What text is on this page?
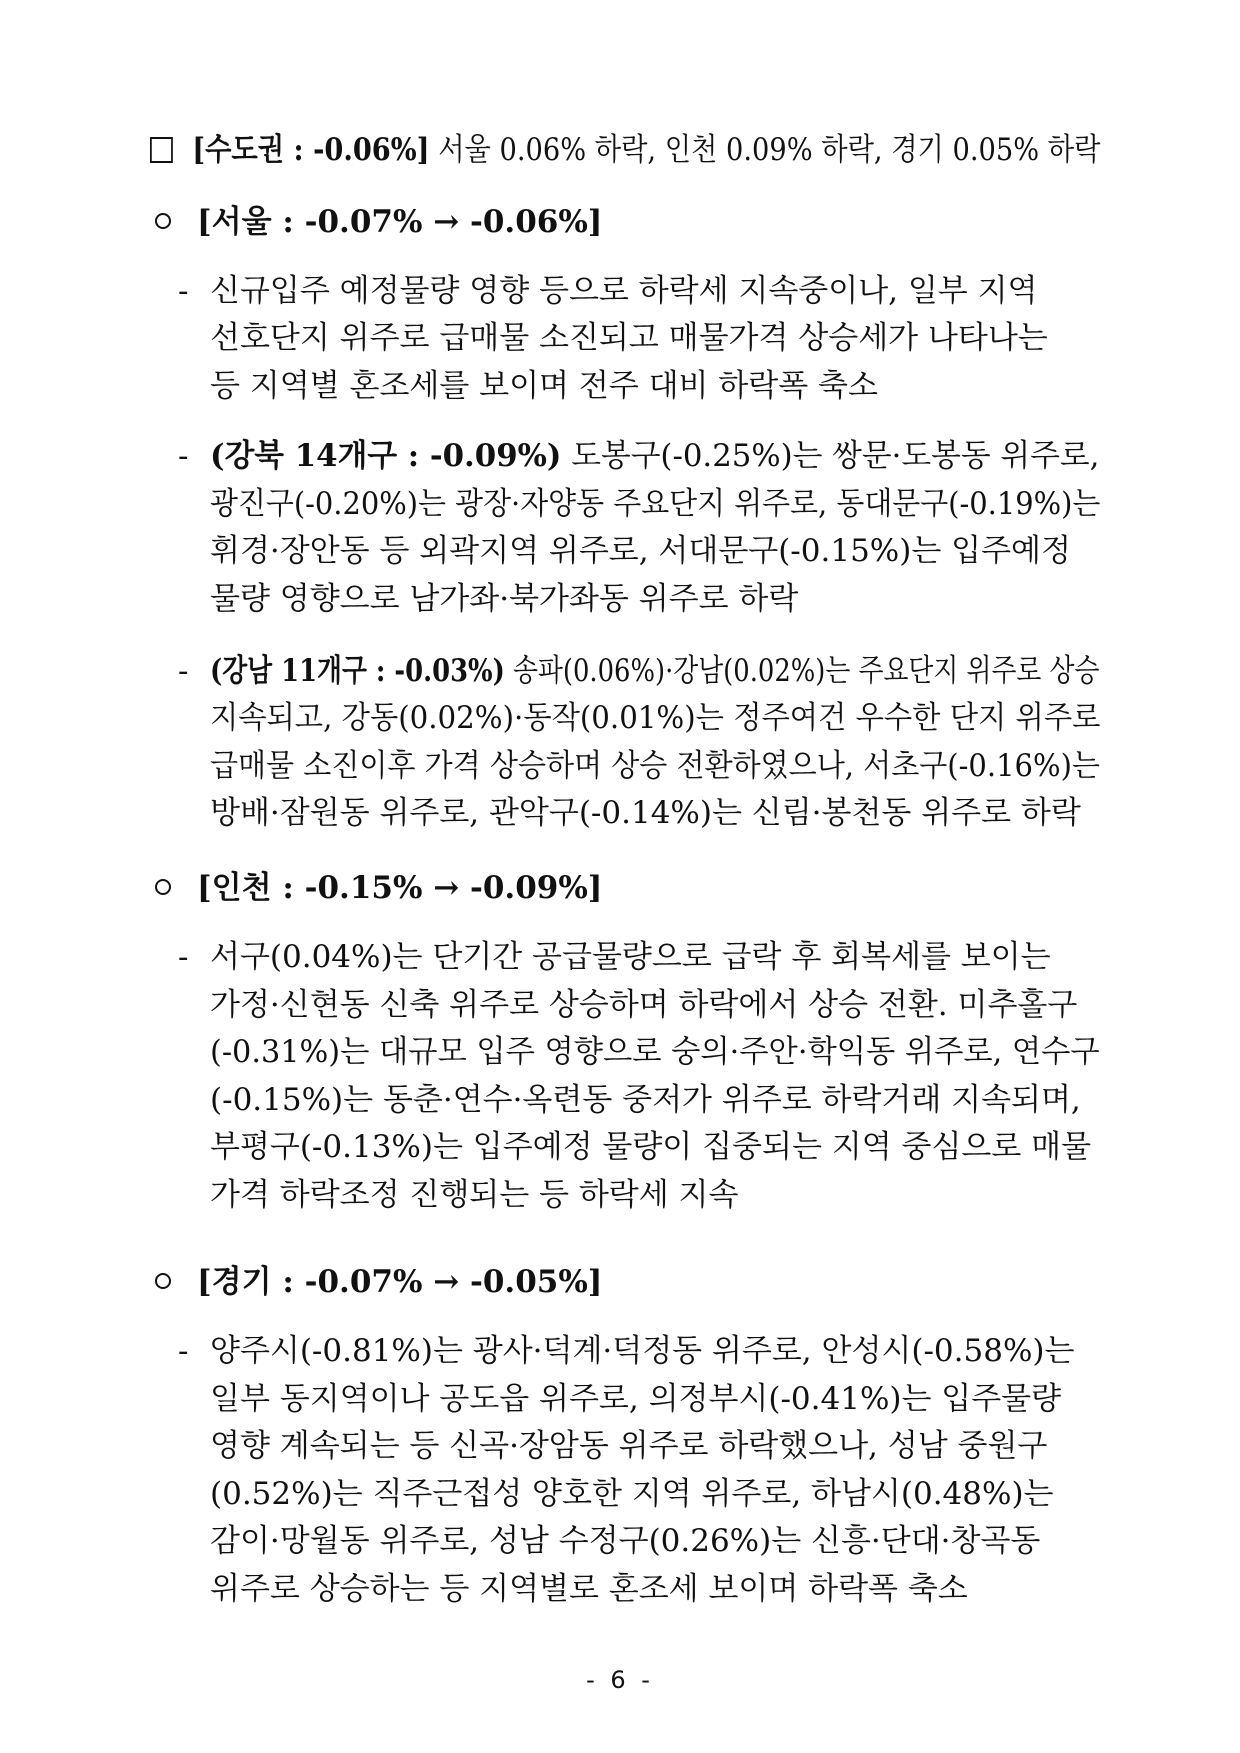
[수도권 : -0.06%] 서울 0.06% 하락, 인천 0.09% 하락, 경기 0.05% 하락
[서울 : -0.07% → -0.06%]
- 신규입주 예정물량 영향 등으로 하락세 지속중이나, 일부 지역
선호단지 위주로 급매물 소진되고 매물가격 상승세가 나타나는
등 지역별 혼조세를 보이며 전주 대비 하락폭 축소
- (강북 14개구 : -0.09%) 도봉구(-0.25%)는 쌍문·도봉동 위주로,
광진구(-0.20%)는 광장·자양동 주요단지 위주로, 동대문구(-0.19%)는
휘경·장안동 등 외곽지역 위주로, 서대문구(-0.15%)는 입주예정
물량 영향으로 남가좌·북가좌동 위주로 하락
- (강남 11개구 : -0.03%) 송파(0.06%)·강남(0.02%)는 주요단지 위주로 상승
지속되고, 강동(0.02%)·동작(0.01%)는 정주여건 우수한 단지 위주로
급매물 소진이후 가격 상승하며 상승 전환하였으나, 서초구(-0.16%)는
방배·잠원동 위주로, 관악구(-0.14%)는 신림·봉천동 위주로 하락
[인천 : -0.15% → -0.09%]
- 서구(0.04%)는 단기간 공급물량으로 급락 후 회복세를 보이는
가정·신현동 신축 위주로 상승하며 하락에서 상승 전환. 미추홀구
(-0.31%)는 대규모 입주 영향으로 숭의·주안·학익동 위주로, 연수구
(-0.15%)는 동춘·연수·옥련동 중저가 위주로 하락거래 지속되며,
부평구(-0.13%)는 입주예정 물량이 집중되는 지역 중심으로 매물
가격 하락조정 진행되는 등 하락세 지속
[경기 : -0.07% → -0.05%]
- 양주시(-0.81%)는 광사·덕계·덕정동 위주로, 안성시(-0.58%)는
일부 동지역이나 공도읍 위주로, 의정부시(-0.41%)는 입주물량
영향 계속되는 등 신곡·장암동 위주로 하락했으나, 성남 중원구
(0.52%)는 직주근접성 양호한 지역 위주로, 하남시(0.48%)는
감이·망월동 위주로, 성남 수정구(0.26%)는 신흥·단대·창곡동
위주로 상승하는 등 지역별로 혼조세 보이며 하락폭 축소
- 6 -
